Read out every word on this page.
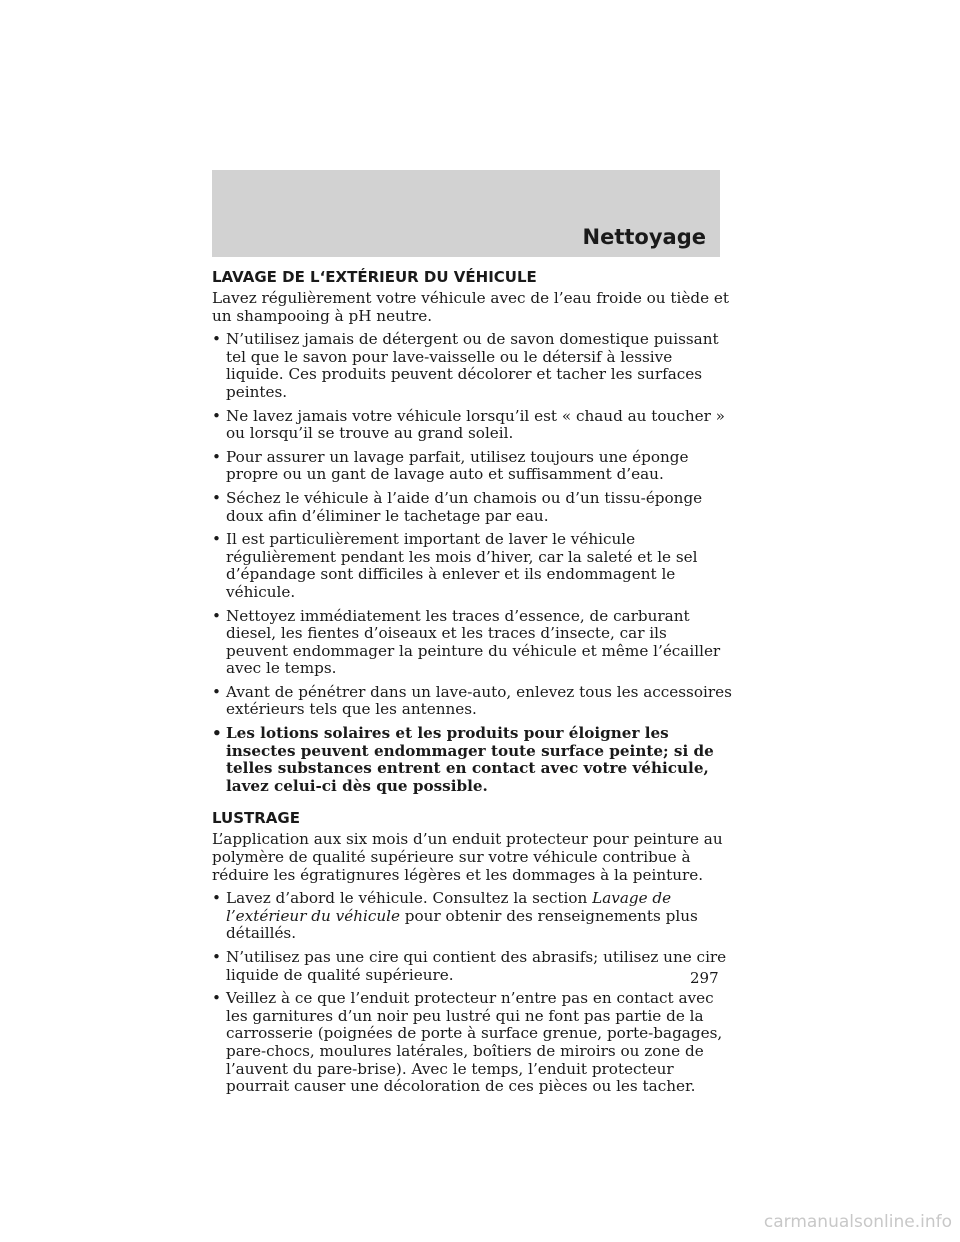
Nettoyage
LAVAGE DE L‘EXTÉRIEUR DU VÉHICULE

Lavez régulièrement votre véhicule avec de l’eau froide ou tiède et un shampooing à pH neutre.

• N’utilisez jamais de détergent ou de savon domestique puissant tel que le savon pour lave-vaisselle ou le détersif à lessive liquide. Ces produits peuvent décolorer et tacher les surfaces peintes.
• Ne lavez jamais votre véhicule lorsqu’il est « chaud au toucher » ou lorsqu’il se trouve au grand soleil.
• Pour assurer un lavage parfait, utilisez toujours une éponge propre ou un gant de lavage auto et suffisamment d’eau.
• Séchez le véhicule à l’aide d’un chamois ou d’un tissu-éponge doux afin d’éliminer le tachetage par eau.
• Il est particulièrement important de laver le véhicule régulièrement pendant les mois d’hiver, car la saleté et le sel d’épandage sont difficiles à enlever et ils endommagent le véhicule.
• Nettoyez immédiatement les traces d’essence, de carburant diesel, les fientes d’oiseaux et les traces d’insecte, car ils peuvent endommager la peinture du véhicule et même l’écailler avec le temps.
• Avant de pénétrer dans un lave-auto, enlevez tous les accessoires extérieurs tels que les antennes.
• Les lotions solaires et les produits pour éloigner les insectes peuvent endommager toute surface peinte; si de telles substances entrent en contact avec votre véhicule, lavez celui-ci dès que possible.
LUSTRAGE

L’application aux six mois d’un enduit protecteur pour peinture au polymère de qualité supérieure sur votre véhicule contribue à réduire les égratignures légères et les dommages à la peinture.

• Lavez d’abord le véhicule. Consultez la section Lavage de l’extérieur du véhicule pour obtenir des renseignements plus détaillés.
• N’utilisez pas une cire qui contient des abrasifs; utilisez une cire liquide de qualité supérieure.
• Veillez à ce que l’enduit protecteur n’entre pas en contact avec les garnitures d’un noir peu lustré qui ne font pas partie de la carrosserie (poignées de porte à surface grenue, porte-bagages, pare-chocs, moulures latérales, boîtiers de miroirs ou zone de l’auvent du pare-brise). Avec le temps, l’enduit protecteur pourrait causer une décoloration de ces pièces ou les tacher.
297
carmanualsonline.info
